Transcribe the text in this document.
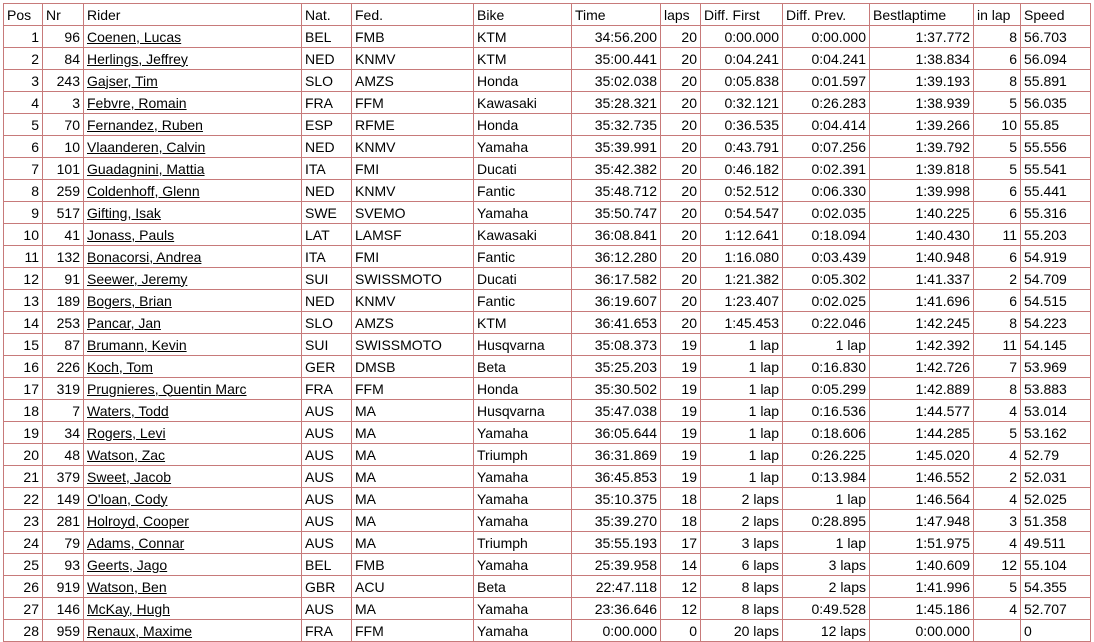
Pos	Nr	Rider	Nat.	Fed.	Bike	Time	laps	Diff. First	Diff. Prev.	Bestlaptime	in lap	Speed
1	96	Coenen, Lucas	BEL	FMB	KTM	34:56.200	20	0:00.000	0:00.000	1:37.772	8	56.703
2	84	Herlings, Jeffrey	NED	KNMV	KTM	35:00.441	20	0:04.241	0:04.241	1:38.834	6	56.094
3	243	Gajser, Tim	SLO	AMZS	Honda	35:02.038	20	0:05.838	0:01.597	1:39.193	8	55.891
4	3	Febvre, Romain	FRA	FFM	Kawasaki	35:28.321	20	0:32.121	0:26.283	1:38.939	5	56.035
5	70	Fernandez, Ruben	ESP	RFME	Honda	35:32.735	20	0:36.535	0:04.414	1:39.266	10	55.85
6	10	Vlaanderen, Calvin	NED	KNMV	Yamaha	35:39.991	20	0:43.791	0:07.256	1:39.792	5	55.556
7	101	Guadagnini, Mattia	ITA	FMI	Ducati	35:42.382	20	0:46.182	0:02.391	1:39.818	5	55.541
8	259	Coldenhoff, Glenn	NED	KNMV	Fantic	35:48.712	20	0:52.512	0:06.330	1:39.998	6	55.441
9	517	Gifting, Isak	SWE	SVEMO	Yamaha	35:50.747	20	0:54.547	0:02.035	1:40.225	6	55.316
10	41	Jonass, Pauls	LAT	LAMSF	Kawasaki	36:08.841	20	1:12.641	0:18.094	1:40.430	11	55.203
11	132	Bonacorsi, Andrea	ITA	FMI	Fantic	36:12.280	20	1:16.080	0:03.439	1:40.948	6	54.919
12	91	Seewer, Jeremy	SUI	SWISSMOTO	Ducati	36:17.582	20	1:21.382	0:05.302	1:41.337	2	54.709
13	189	Bogers, Brian	NED	KNMV	Fantic	36:19.607	20	1:23.407	0:02.025	1:41.696	6	54.515
14	253	Pancar, Jan	SLO	AMZS	KTM	36:41.653	20	1:45.453	0:22.046	1:42.245	8	54.223
15	87	Brumann, Kevin	SUI	SWISSMOTO	Husqvarna	35:08.373	19	1 lap	1 lap	1:42.392	11	54.145
16	226	Koch, Tom	GER	DMSB	Beta	35:25.203	19	1 lap	0:16.830	1:42.726	7	53.969
17	319	Prugnieres, Quentin Marc	FRA	FFM	Honda	35:30.502	19	1 lap	0:05.299	1:42.889	8	53.883
18	7	Waters, Todd	AUS	MA	Husqvarna	35:47.038	19	1 lap	0:16.536	1:44.577	4	53.014
19	34	Rogers, Levi	AUS	MA	Yamaha	36:05.644	19	1 lap	0:18.606	1:44.285	5	53.162
20	48	Watson, Zac	AUS	MA	Triumph	36:31.869	19	1 lap	0:26.225	1:45.020	4	52.79
21	379	Sweet, Jacob	AUS	MA	Yamaha	36:45.853	19	1 lap	0:13.984	1:46.552	2	52.031
22	149	O'loan, Cody	AUS	MA	Yamaha	35:10.375	18	2 laps	1 lap	1:46.564	4	52.025
23	281	Holroyd, Cooper	AUS	MA	Yamaha	35:39.270	18	2 laps	0:28.895	1:47.948	3	51.358
24	79	Adams, Connar	AUS	MA	Triumph	35:55.193	17	3 laps	1 lap	1:51.975	4	49.511
25	93	Geerts, Jago	BEL	FMB	Yamaha	25:39.958	14	6 laps	3 laps	1:40.609	12	55.104
26	919	Watson, Ben	GBR	ACU	Beta	22:47.118	12	8 laps	2 laps	1:41.996	5	54.355
27	146	McKay, Hugh	AUS	MA	Yamaha	23:36.646	12	8 laps	0:49.528	1:45.186	4	52.707
28	959	Renaux, Maxime	FRA	FFM	Yamaha	0:00.000	0	20 laps	12 laps	0:00.000		0
